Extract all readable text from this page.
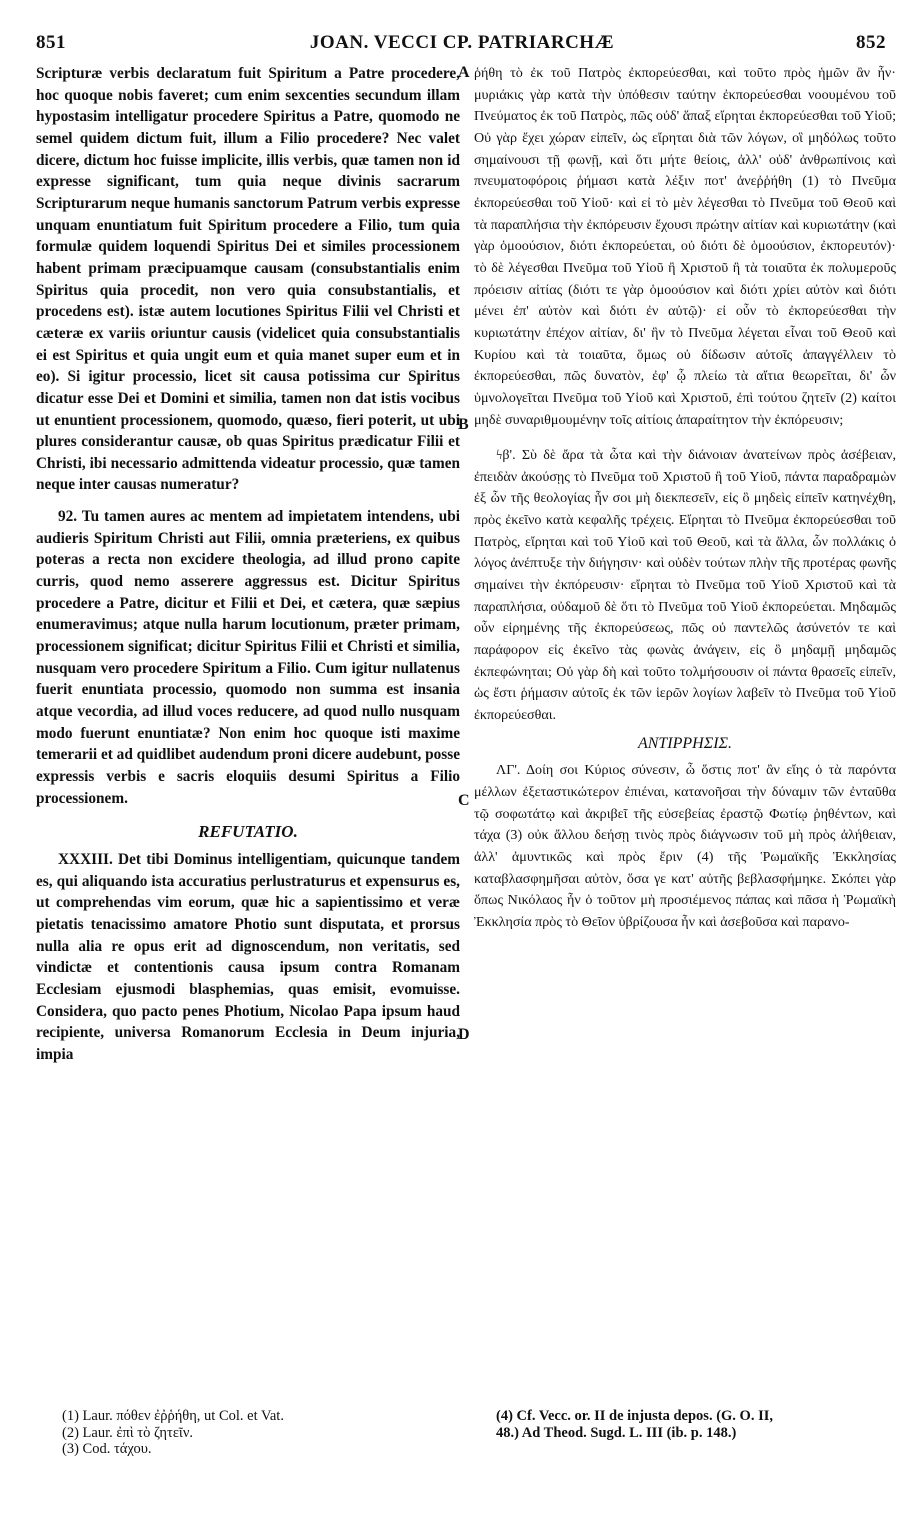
851	JOAN. VECCI CP. PATRIARCHÆ	852
A
B
C
D

Scripturæ verbis declaratum fuit Spiritum a Patre procedere, hoc quoque nobis faveret; cum enim sexcenties secundum illam hypostasim intelligatur procedere Spiritus a Patre, quomodo ne semel quidem dictum fuit, illum a Filio procedere? Nec valet dicere, dictum hoc fuisse implicite, illis verbis, quæ tamen non id expresse significant, tum quia neque divinis sacrarum Scripturarum neque humanis sanctorum Patrum verbis expresse unquam enuntiatum fuit Spiritum procedere a Filio, tum quia formulæ quidem loquendi Spiritus Dei et similes processionem habent primam præcipuamque causam (consubstantialis enim Spiritus quia procedit, non vero quia consubstantialis, et procedens est). istæ autem locutiones Spiritus Filii vel Christi et cæteræ ex variis oriuntur causis (videlicet quia consubstantialis ei est Spiritus et quia ungit eum et quia manet super eum et in eo). Si igitur processio, licet sit causa potissima cur Spiritus dicatur esse Dei et Domini et similia, tamen non dat istis vocibus ut enuntient processionem, quomodo, quæso, fieri poterit, ut ubi plures considerantur causæ, ob quas Spiritus prædicatur Filii et Christi, ibi necessario admittenda videatur processio, quæ tamen neque inter causas numeratur?

92. Tu tamen aures ac mentem ad impietatem intendens, ubi audieris Spiritum Christi aut Filii, omnia præteriens, ex quibus poteras a recta non excidere theologia, ad illud prono capite curris, quod nemo asserere aggressus est. Dicitur Spiritus procedere a Patre, dicitur et Filii et Dei, et cætera, quæ sæpius enumeravimus; atque nulla harum locutionum, præter primam, processionem significat; dicitur Spiritus Filii et Christi et similia, nusquam vero procedere Spiritum a Filio. Cum igitur nullatenus fuerit enuntiata processio, quomodo non summa est insania atque vecordia, ad illud voces reducere, ad quod nullo nusquam modo fuerunt enuntiatæ? Non enim hoc quoque isti maxime temerarii et ad quidlibet audendum proni dicere audebunt, posse expressis verbis e sacris eloquiis desumi Spiritus a Filio processionem.

REFUTATIO.

XXXIII. Det tibi Dominus intelligentiam, quicunque tandem es, qui aliquando ista accuratius perlustraturus et expensurus es, ut comprehendas vim eorum, quæ hic a sapientissimo et veræ pietatis tenacissimo amatore Photio sunt disputata, et prorsus nulla alia re opus erit ad dignoscendum, non veritatis, sed vindictæ et contentionis causa ipsum contra Romanam Ecclesiam ejusmodi blasphemias, quas emisit, evomuisse. Considera, quo pacto penes Photium, Nicolao Papa ipsum haud recipiente, universa Romanorum Ecclesia in Deum injuria, impia

ῥήθη τὸ ἐκ τοῦ Πατρὸς ἐκπορεύεσθαι, καὶ τοῦτο πρὸς ἡμῶν ἂν ἦν· μυριάκις γὰρ κατὰ τὴν ὑπόθεσιν ταύτην ἐκπορεύεσθαι νοουμένου τοῦ Πνεύματος ἐκ τοῦ Πατρὸς, πῶς οὐδ' ἅπαξ εἴρηται ἐκπορεύεσθαι τοῦ Υἱοῦ; Οὐ γὰρ ἔχει χώραν εἰπεῖν, ὡς εἴρηται διὰ τῶν λόγων, οἳ μηδόλως τοῦτο σημαίνουσι τῇ φωνῇ, καὶ ὅτι μήτε θείοις, ἀλλ' οὐδ' ἀνθρωπίνοις καὶ πνευματοφόροις ῥήμασι κατὰ λέξιν ποτ' ἀνεῤῥήθη (1) τὸ Πνεῦμα ἐκπορεύεσθαι τοῦ Υἱοῦ· καὶ εἰ τὸ μὲν λέγεσθαι τὸ Πνεῦμα τοῦ Θεοῦ καὶ τὰ παραπλήσια τὴν ἐκπόρευσιν ἔχουσι πρώτην αἰτίαν καὶ κυριωτάτην (καὶ γὰρ ὁμοούσιον, διότι ἐκπορεύεται, οὐ διότι δὲ ὁμοούσιον, ἐκπορευτόν)· τὸ δὲ λέγεσθαι Πνεῦμα τοῦ Υἱοῦ ἢ Χριστοῦ ἢ τὰ τοιαῦτα ἐκ πολυμεροῦς πρόεισιν αἰτίας (διότι τε γὰρ ὁμοούσιον καὶ διότι χρίει αὐτὸν καὶ διότι μένει ἐπ' αὐτὸν καὶ διότι ἐν αὐτῷ)· εἰ οὖν τὸ ἐκπορεύεσθαι τὴν κυριωτάτην ἐπέχον αἰτίαν, δι' ἣν τὸ Πνεῦμα λέγεται εἶναι τοῦ Θεοῦ καὶ Κυρίου καὶ τὰ τοιαῦτα, ὅμως οὐ δίδωσιν αὐτοῖς ἀπαγγέλλειν τὸ ἐκπορεύεσθαι, πῶς δυνατὸν, ἐφ' ᾧ πλείω τὰ αἴτια θεωρεῖται, δι' ὧν ὑμνολογεῖται Πνεῦμα τοῦ Υἱοῦ καὶ Χριστοῦ, ἐπὶ τούτου ζητεῖν (2) καίτοι μηδὲ συναριθμουμένην τοῖς αἰτίοις ἀπαραίτητον τὴν ἐκπόρευσιν;

ϟβ'. Σὺ δὲ ἄρα τὰ ὦτα καὶ τὴν διάνοιαν ἀνατείνων πρὸς ἀσέβειαν, ἐπειδὰν ἀκούσῃς τὸ Πνεῦμα τοῦ Χριστοῦ ἢ τοῦ Υἱοῦ, πάντα παραδραμὼν ἐξ ὧν τῆς θεολογίας ἦν σοι μὴ διεκπεσεῖν, εἰς ὃ μηδεὶς εἰπεῖν κατηνέχθη, πρὸς ἐκεῖνο κατὰ κεφαλῆς τρέχεις. Εἴρηται τὸ Πνεῦμα ἐκπορεύεσθαι τοῦ Πατρὸς, εἴρηται καὶ τοῦ Υἱοῦ καὶ τοῦ Θεοῦ, καὶ τὰ ἄλλα, ὧν πολλάκις ὁ λόγος ἀνέπτυξε τὴν διήγησιν· καὶ οὐδὲν τούτων πλὴν τῆς προτέρας φωνῆς σημαίνει τὴν ἐκπόρευσιν· εἴρηται τὸ Πνεῦμα τοῦ Υἱοῦ Χριστοῦ καὶ τὰ παραπλήσια, οὐδαμοῦ δὲ ὅτι τὸ Πνεῦμα τοῦ Υἱοῦ ἐκπορεύεται. Μηδαμῶς οὖν εἰρημένης τῆς ἐκπορεύσεως, πῶς οὐ παντελῶς ἀσύνετόν τε καὶ παράφορον εἰς ἐκεῖνο τὰς φωνὰς ἀνάγειν, εἰς ὃ μηδαμῇ μηδαμῶς ἐκπεφώνηται; Οὐ γὰρ δὴ καὶ τοῦτο τολμήσουσιν οἱ πάντα θρασεῖς εἰπεῖν, ὡς ἔστι ῥήμασιν αὐτοῖς ἐκ τῶν ἱερῶν λογίων λαβεῖν τὸ Πνεῦμα τοῦ Υἱοῦ ἐκπορεύεσθαι.

ΑΝΤΙΡΡΗΣΙΣ.

ΛΓ'. Δοίη σοι Κύριος σύνεσιν, ὦ ὅστις ποτ' ἂν εἴης ὁ τὰ παρόντα μέλλων ἐξεταστικώτερον ἐπιέναι, κατανοῆσαι τὴν δύναμιν τῶν ἐνταῦθα τῷ σοφωτάτῳ καὶ ἀκριβεῖ τῆς εὐσεβείας ἐραστῷ Φωτίῳ ῥηθέντων, καὶ τάχα (3) οὐκ ἄλλου δεήσῃ τινὸς πρὸς διάγνωσιν τοῦ μὴ πρὸς ἀλήθειαν, ἀλλ' ἀμυντικῶς καὶ πρὸς ἔριν (4) τῆς Ῥωμαϊκῆς Ἐκκλησίας καταβλασφημῆσαι αὐτὸν, ὅσα γε κατ' αὐτῆς βεβλασφήμηκε. Σκόπει γὰρ ὅπως Νικόλαος ἦν ὁ τοῦτον μὴ προσιέμενος πάπας καὶ πᾶσα ἡ Ῥωμαϊκὴ Ἐκκλησία πρὸς τὸ Θεῖον ὑβρίζουσα ἦν καὶ ἀσεβοῦσα καὶ παρανο-

(1) Laur. πόθεν ἐῤῥήθη, ut Col. et Vat.
(2) Laur. ἐπὶ τὸ ζητεῖν.
(3) Cod. τάχου.
(4) Cf. Vecc. or. II de injusta depos. (G. O. II,
48.) Ad Theod. Sugd. L. III (ib. p. 148.)
